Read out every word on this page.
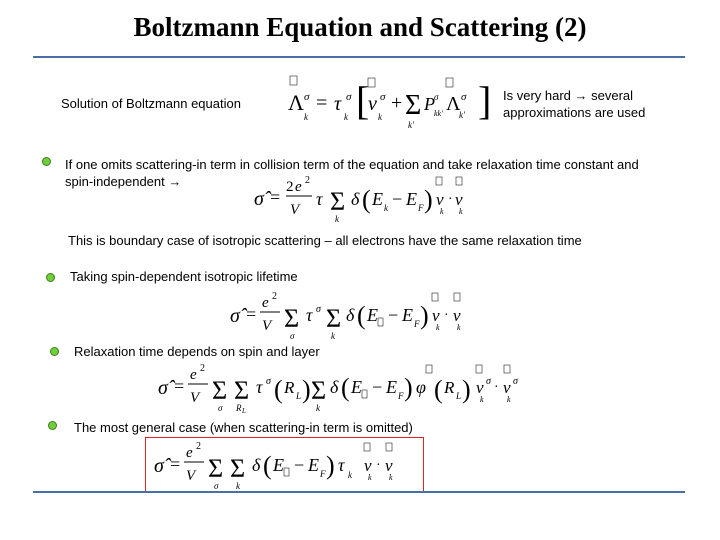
Boltzmann Equation and Scattering (2)
Solution of Boltzmann equation Λ σ
k
= τ σ
k [
v σ
k
+ Σ
k'
P σ
kk' Λ σ
k' ] Is very hard → several approximations are used
If one omits scattering-in term in collision term of the equation and take relaxation time constant and spin-independent →
σ̂ = 2 e 2
V
τ Σ
k
δ ( E k − E F ) v
k
· v
k
This is boundary case of isotropic scattering – all electrons have the same relaxation time
Taking spin-dependent isotropic lifetime
σ̂ =
e 2
V Σ
σ
τ σ Σ
k
δ ( E − E F ) v
k
· v
k
Relaxation time depends on spin and layer
σ̂ =
e 2
V Σ
σ
Σ
R L
τ σ ( R L ) Σ
k
δ ( E − E F ) φ ( R L ) v σ
k
· v σ
k
The most general case (when scattering-in term is omitted)
σ̂ =
e 2
V Σ
σ
Σ
k
δ ( E − E F ) τ k v
k
· v
k
